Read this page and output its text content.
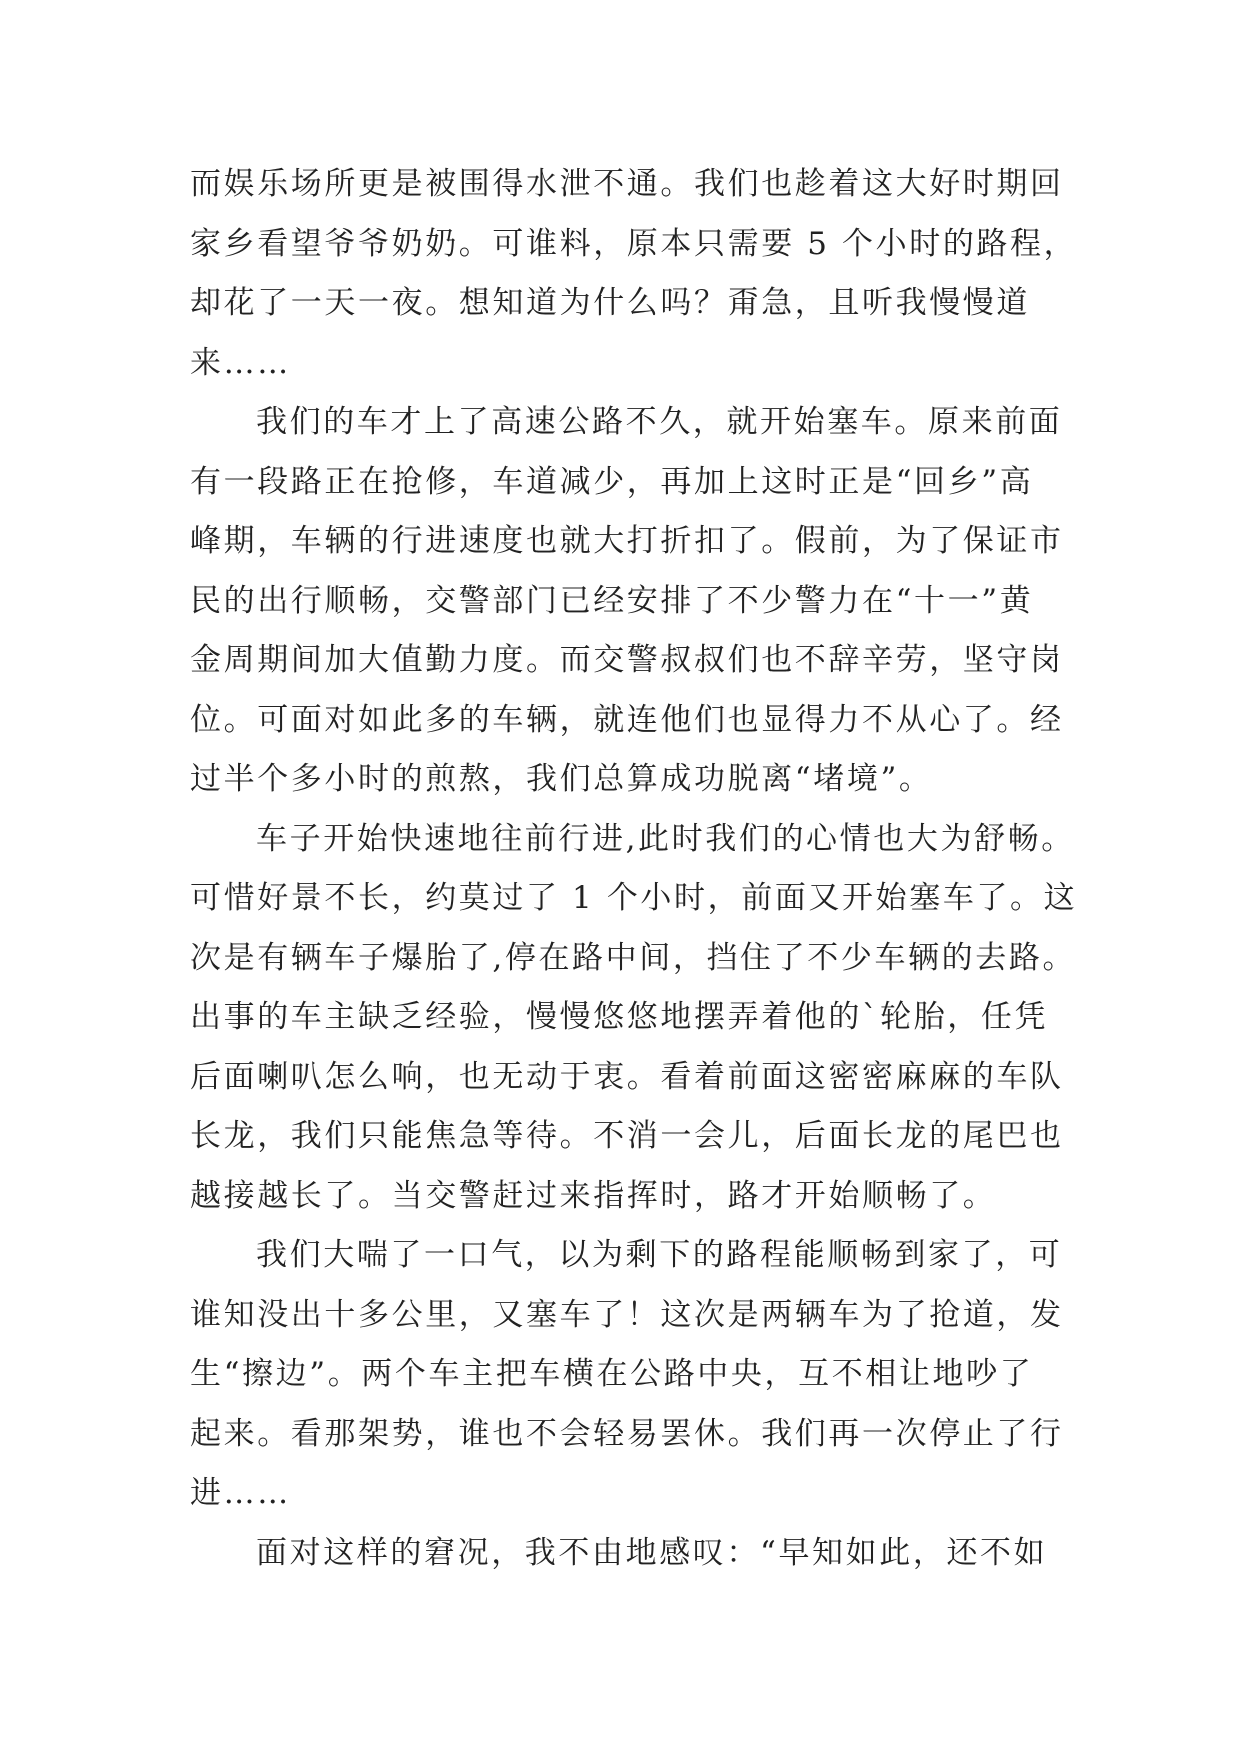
而娱乐场所更是被围得水泄不通。我们也趁着这大好时期回
家乡看望爷爷奶奶。可谁料，原本只需要 5 个小时的路程，
却花了一天一夜。想知道为什么吗？甭急，且听我慢慢道
来……
我们的车才上了高速公路不久，就开始塞车。原来前面
有一段路正在抢修，车道减少，再加上这时正是“回乡”高
峰期，车辆的行进速度也就大打折扣了。假前，为了保证市
民的出行顺畅，交警部门已经安排了不少警力在“十一”黄
金周期间加大值勤力度。而交警叔叔们也不辞辛劳，坚守岗
位。可面对如此多的车辆，就连他们也显得力不从心了。经
过半个多小时的煎熬，我们总算成功脱离“堵境”。
车子开始快速地往前行进,此时我们的心情也大为舒畅。
可惜好景不长，约莫过了 1 个小时，前面又开始塞车了。这
次是有辆车子爆胎了,停在路中间，挡住了不少车辆的去路。
出事的车主缺乏经验，慢慢悠悠地摆弄着他的`轮胎，任凭
后面喇叭怎么响，也无动于衷。看着前面这密密麻麻的车队
长龙，我们只能焦急等待。不消一会儿，后面长龙的尾巴也
越接越长了。当交警赶过来指挥时，路才开始顺畅了。
我们大喘了一口气，以为剩下的路程能顺畅到家了，可
谁知没出十多公里，又塞车了！这次是两辆车为了抢道，发
生“擦边”。两个车主把车横在公路中央，互不相让地吵了
起来。看那架势，谁也不会轻易罢休。我们再一次停止了行
进……
面对这样的窘况，我不由地感叹：“早知如此，还不如
